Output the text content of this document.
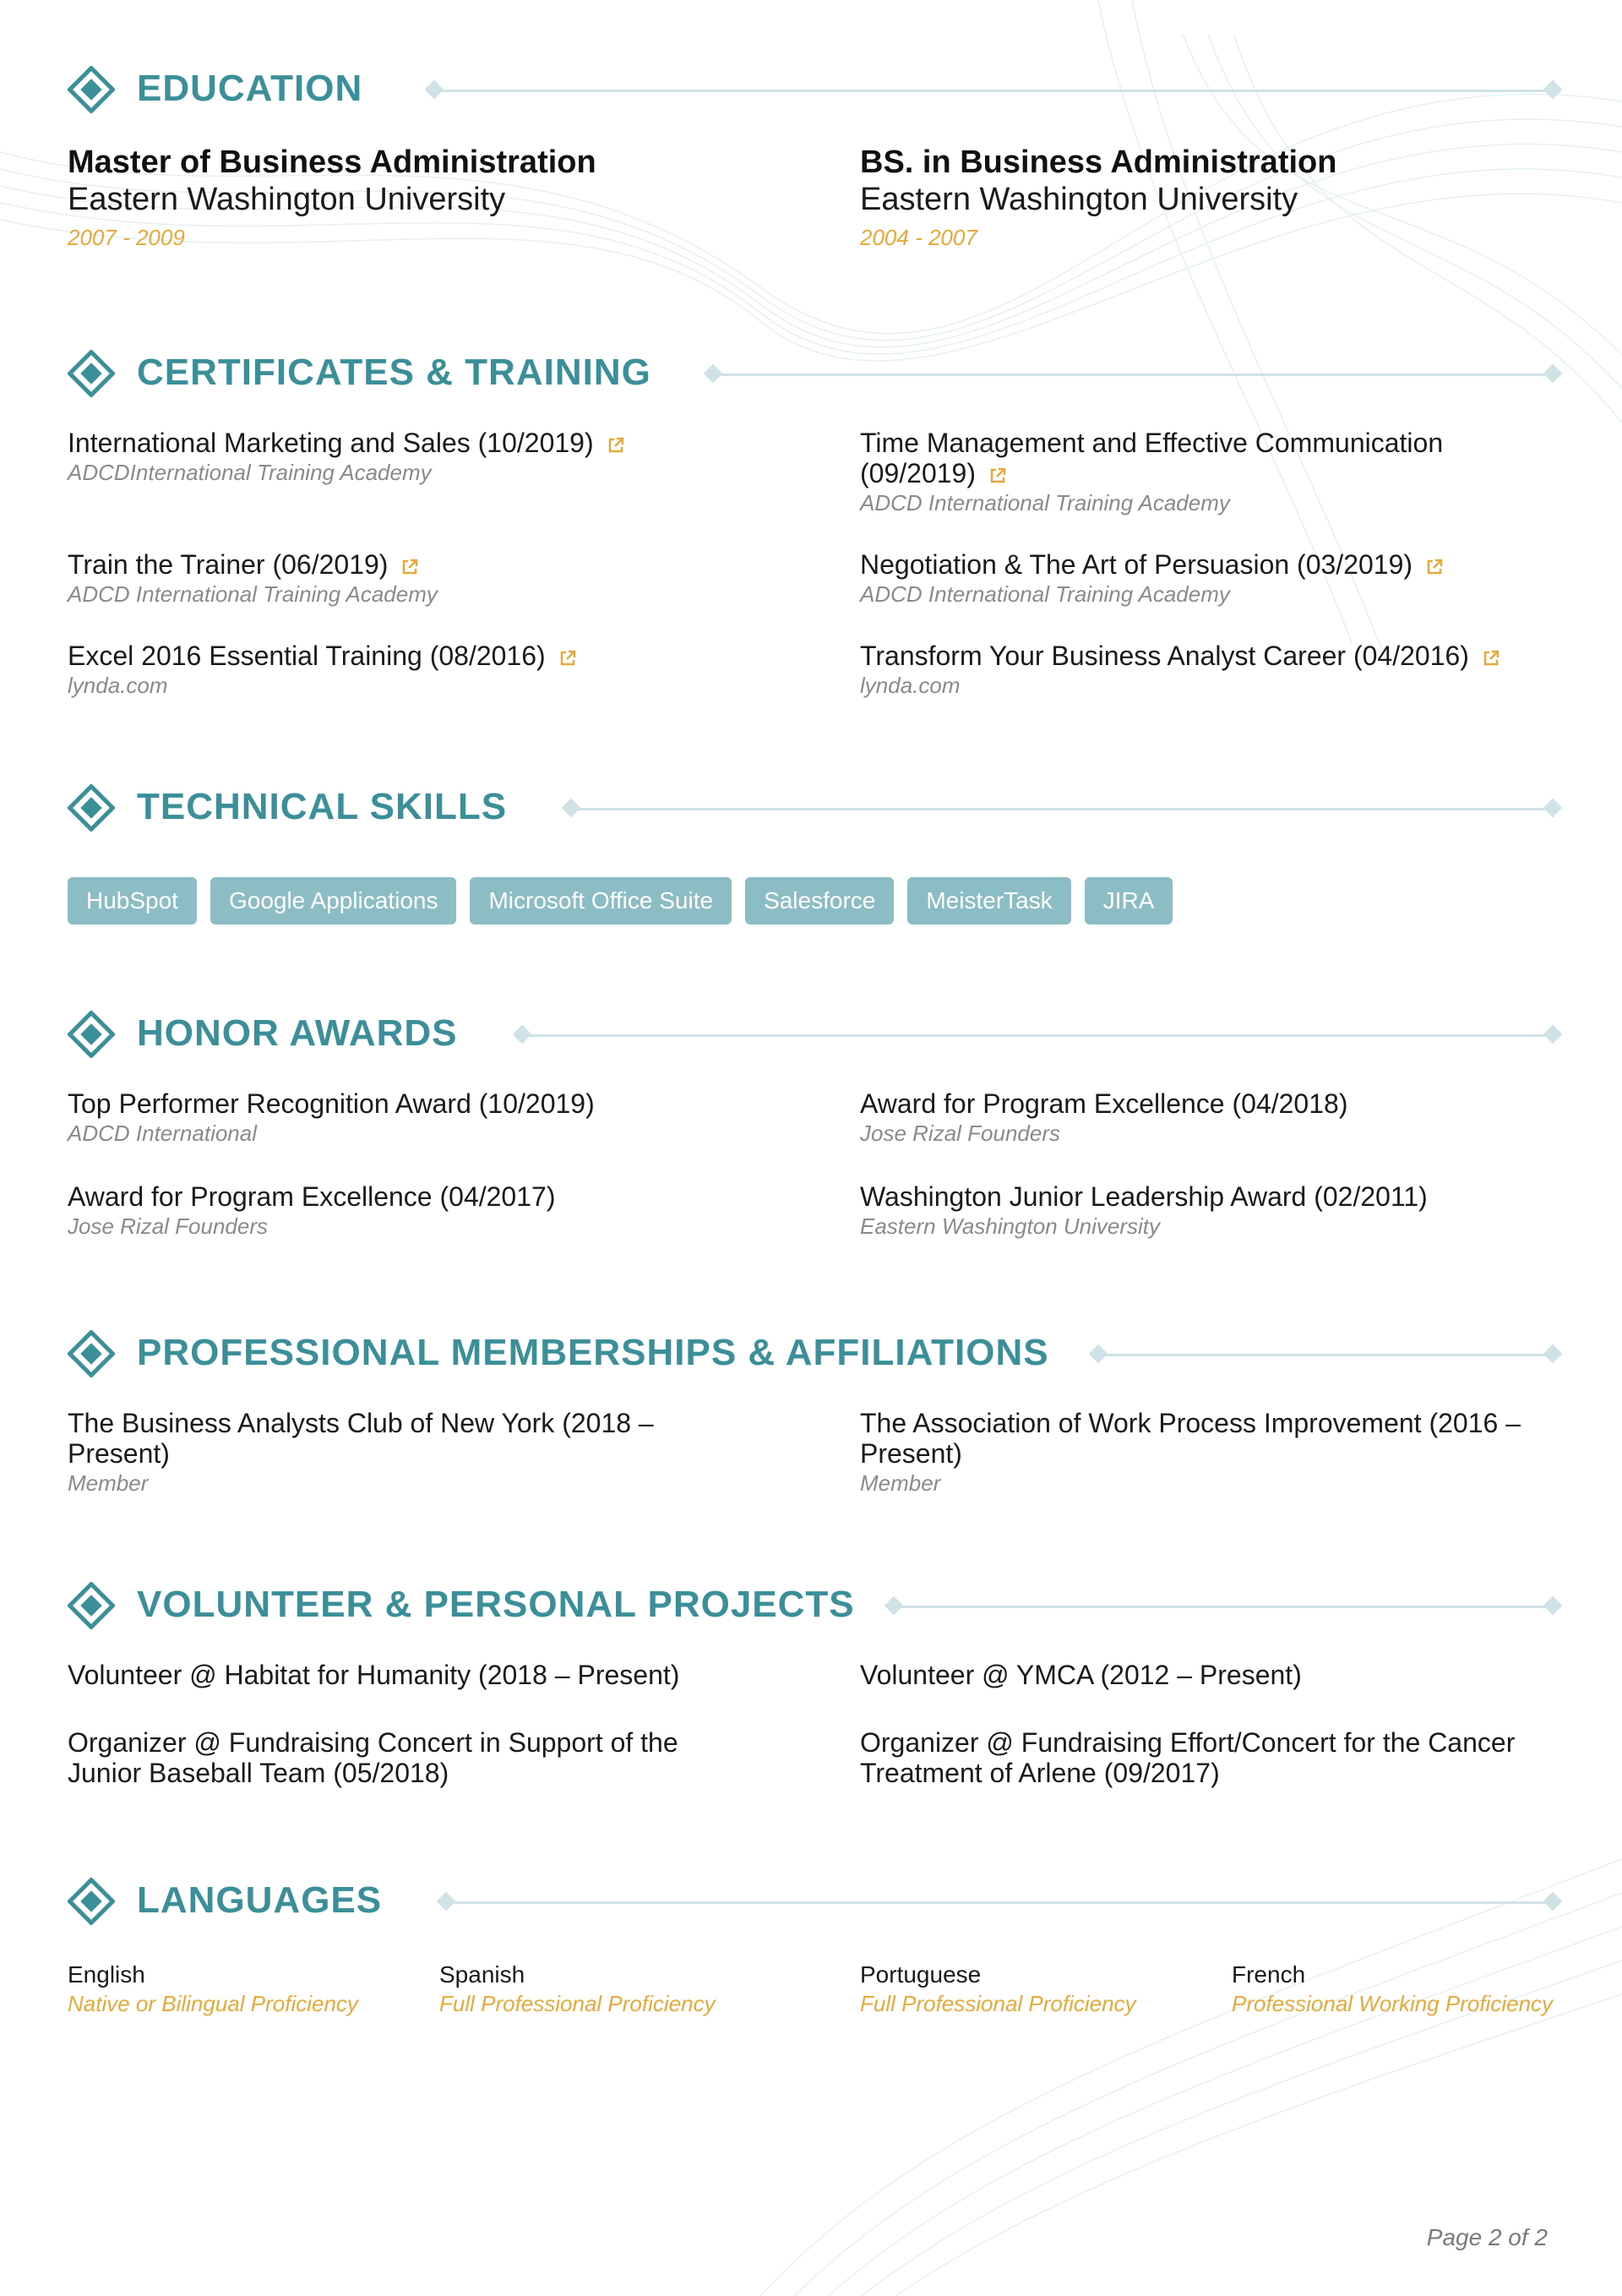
EDUCATION
Master of Business Administration
Eastern Washington University
2007 - 2009
BS. in Business Administration
Eastern Washington University
2004 - 2007
CERTIFICATES & TRAINING
International Marketing and Sales (10/2019)
ADCDInternational Training Academy
Time Management and Effective Communication
(09/2019)
ADCD International Training Academy
Train the Trainer (06/2019)
ADCD International Training Academy
Negotiation & The Art of Persuasion (03/2019)
ADCD International Training Academy
Excel 2016 Essential Training (08/2016)
lynda.com
Transform Your Business Analyst Career (04/2016)
lynda.com
TECHNICAL SKILLS
HubSpot Google Applications Microsoft Office Suite Salesforce MeisterTask JIRA
HONOR AWARDS
Top Performer Recognition Award (10/2019)
ADCD International
Award for Program Excellence (04/2018)
Jose Rizal Founders
Award for Program Excellence (04/2017)
Jose Rizal Founders
Washington Junior Leadership Award (02/2011)
Eastern Washington University
PROFESSIONAL MEMBERSHIPS & AFFILIATIONS
The Business Analysts Club of New York (2018 –
Present)
Member
The Association of Work Process Improvement (2016 –
Present)
Member
VOLUNTEER & PERSONAL PROJECTS
Volunteer @ Habitat for Humanity (2018 – Present)	Volunteer @ YMCA (2012 – Present)
Organizer @ Fundraising Concert in Support of the
Junior Baseball Team (05/2018)
Organizer @ Fundraising Effort/Concert for the Cancer
Treatment of Arlene (09/2017)
LANGUAGES
English
Native or Bilingual Proficiency
Spanish
Full Professional Proficiency
Portuguese
Full Professional Proficiency
French
Professional Working Proficiency
Page 2 of 2
